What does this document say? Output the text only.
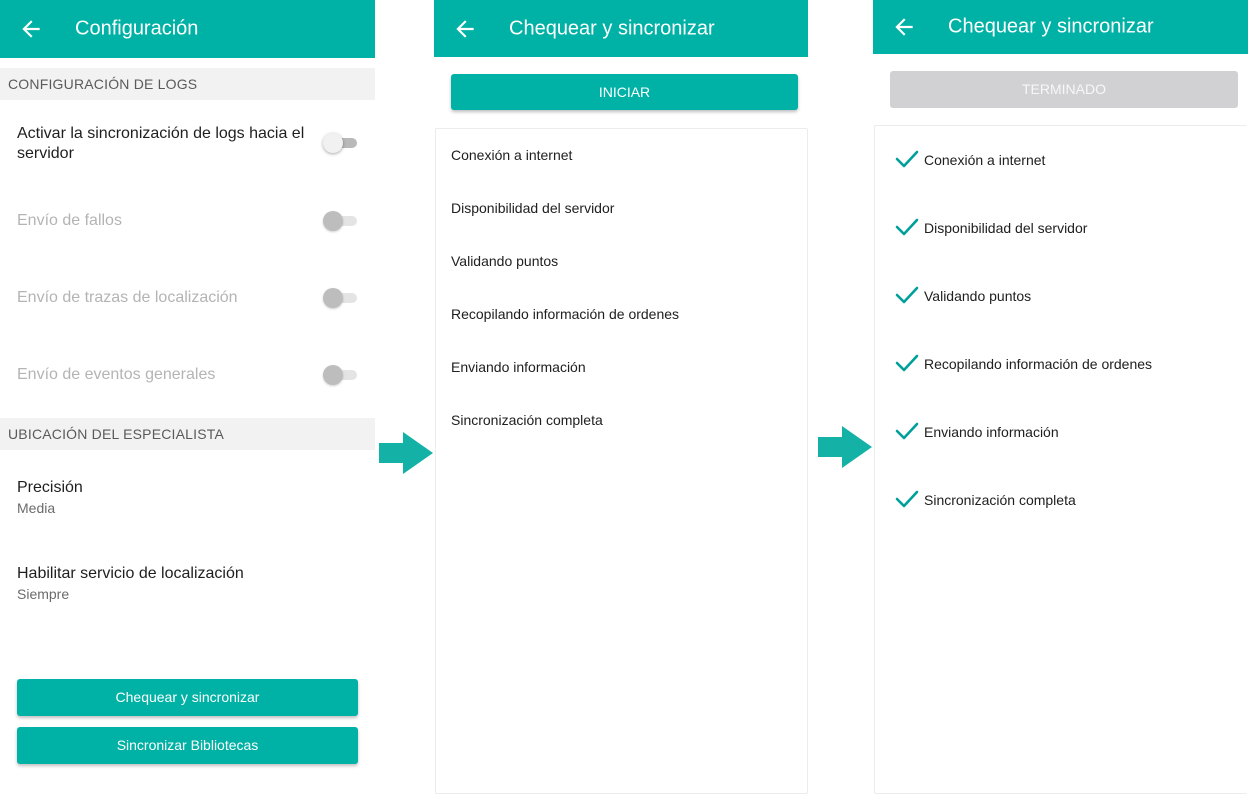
Configuración
CONFIGURACIÓN DE LOGS
Activar la sincronización de logs hacia el servidor
Envío de fallos
Envío de trazas de localización
Envío de eventos generales
UBICACIÓN DEL ESPECIALISTA
Precisión
Media
Habilitar servicio de localización
Siempre
Chequear y sincronizar
Sincronizar Bibliotecas
Chequear y sincronizar
INICIAR
Conexión a internet
Disponibilidad del servidor
Validando puntos
Recopilando información de ordenes
Enviando información
Sincronización completa
Chequear y sincronizar
TERMINADO
Conexión a internet
Disponibilidad del servidor
Validando puntos
Recopilando información de ordenes
Enviando información
Sincronización completa
